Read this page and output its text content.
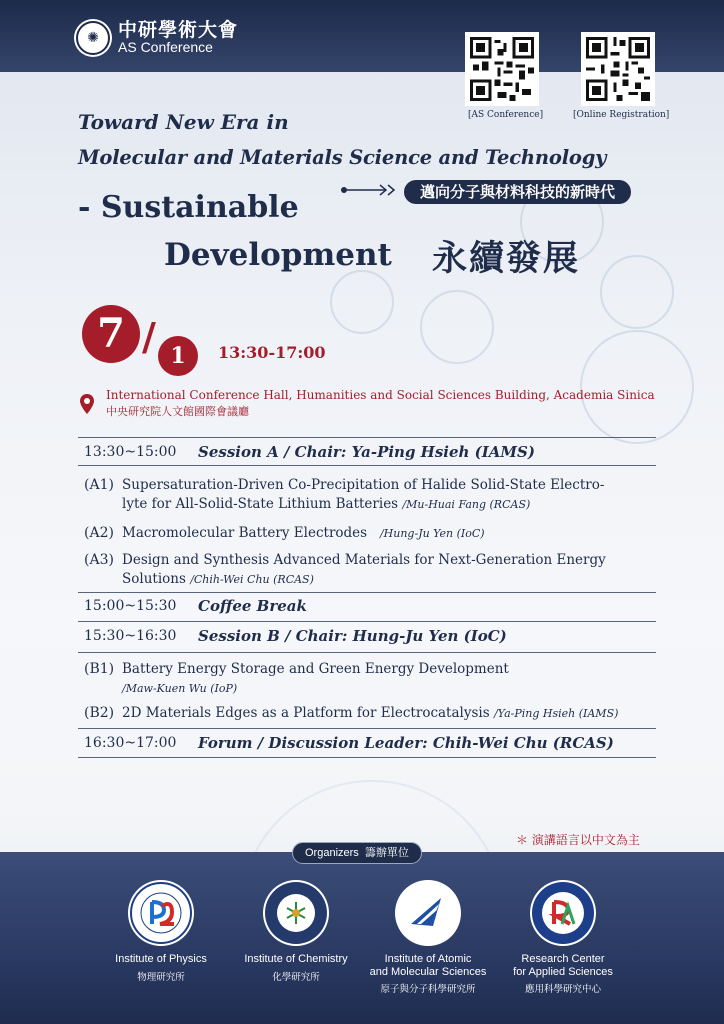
✺	中研學術大會
AS Conference
[AS Conference]	[Online Registration]
Toward New Era in
Molecular and Materials Science and Technology
邁向分子與材料科技的新時代
- Sustainable
Development 永續發展
7 / 1	13:30-17:00
International Conference Hall, Humanities and Social Sciences Building, Academia Sinica
中央研究院人文館國際會議廳
13:30~15:00 Session A / Chair: Ya-Ping Hsieh (IAMS)
(A1) Supersaturation-Driven Co-Precipitation of Halide Solid-State Electro-
lyte for All-Solid-State Lithium Batteries /Mu-Huai Fang (RCAS)
(A2) Macromolecular Battery Electrodes /Hung-Ju Yen (IoC)
(A3) Design and Synthesis Advanced Materials for Next-Generation Energy
Solutions /Chih-Wei Chu (RCAS)
15:00~15:30 Coffee Break
15:30~16:30 Session B / Chair: Hung-Ju Yen (IoC)
(B1) Battery Energy Storage and Green Energy Development
/Maw-Kuen Wu (IoP)
(B2) 2D Materials Edges as a Platform for Electrocatalysis /Ya-Ping Hsieh (IAMS)
16:30~17:00 Forum / Discussion Leader: Chih-Wei Chu (RCAS)
＊ 演講語言以中文為主
Organizers 籌辦單位
Institute of Physics
物理研究所
Institute of Chemistry
化學研究所
Institute of Atomic
and Molecular Sciences
原子與分子科學研究所
Research Center
for Applied Sciences
應用科學研究中心
